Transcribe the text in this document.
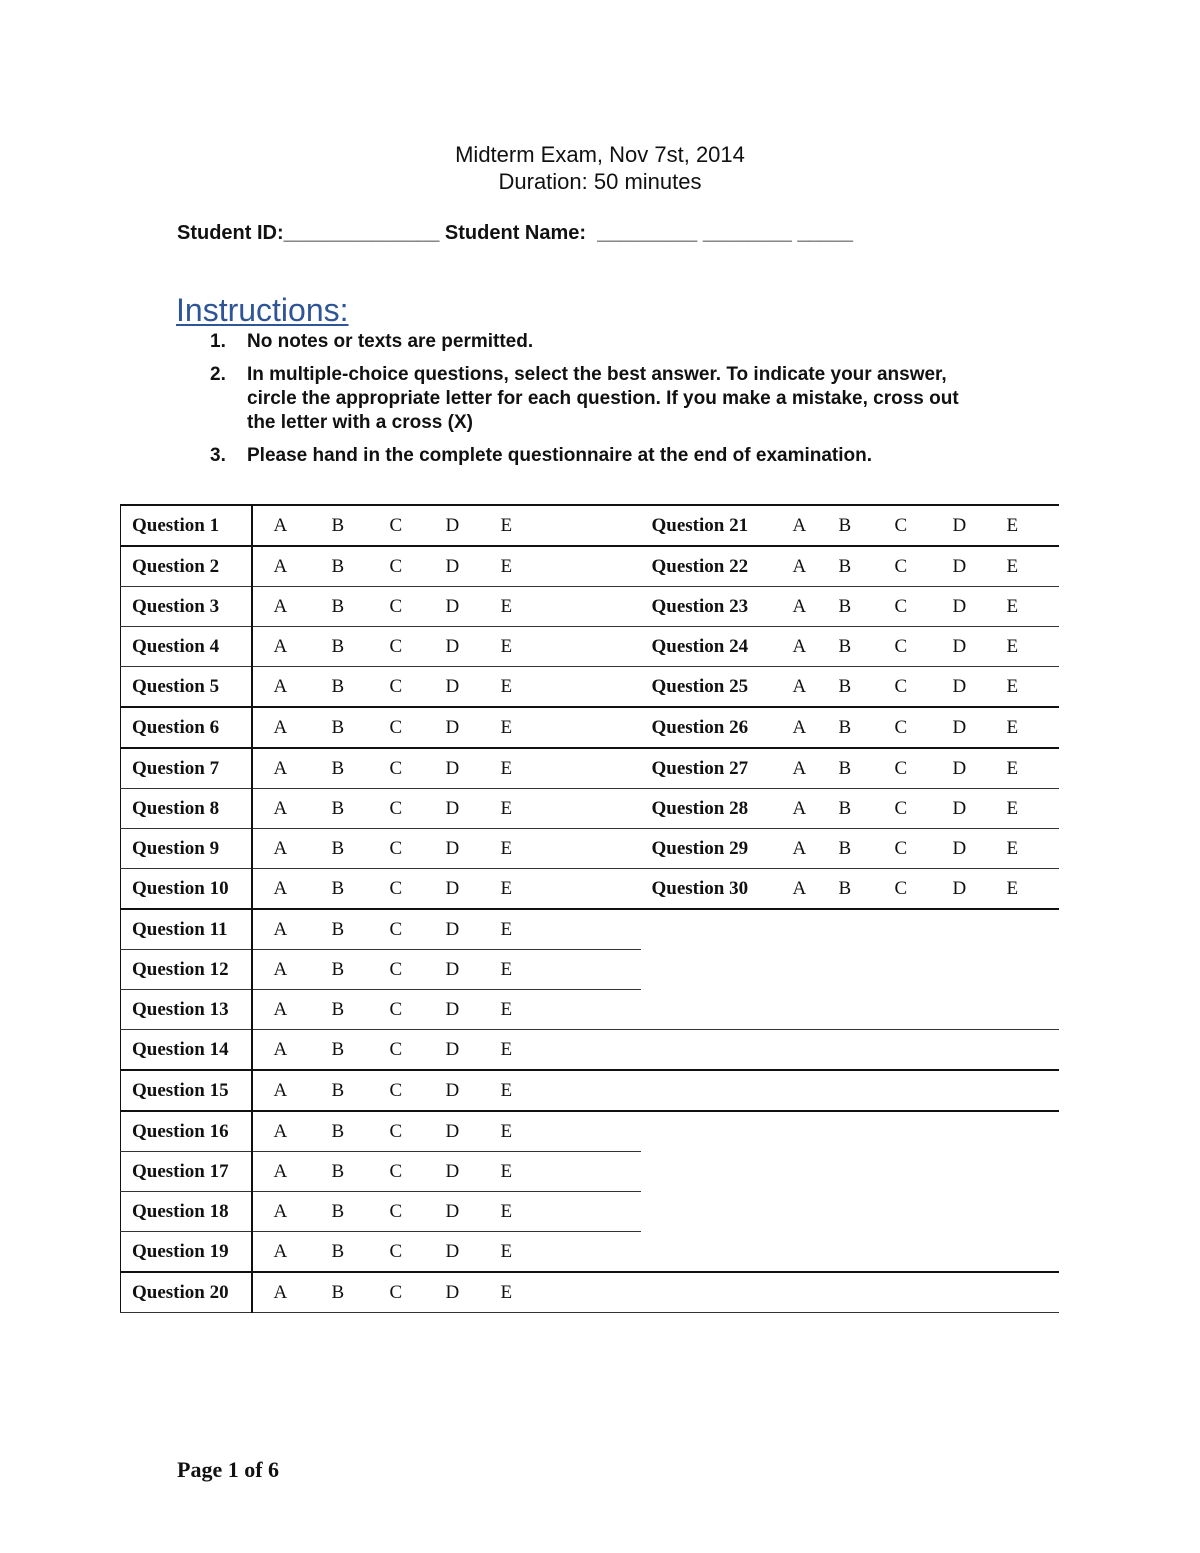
Midterm Exam, Nov 7st, 2014
Duration: 50 minutes
Student ID:______________ Student Name:  _________ ________ _____
Instructions:
1. No notes or texts are permitted.
2. In multiple-choice questions, select the best answer. To indicate your answer, circle the appropriate letter for each question. If you make a mistake, cross out the letter with a cross (X)
3. Please hand in the complete questionnaire at the end of examination.
Question 1	A	B	C	D	E	Question 21	A	B	C	D	E
Question 2	A	B	C	D	E	Question 22	A	B	C	D	E
Question 3	A	B	C	D	E	Question 23	A	B	C	D	E
Question 4	A	B	C	D	E	Question 24	A	B	C	D	E
Question 5	A	B	C	D	E	Question 25	A	B	C	D	E
Question 6	A	B	C	D	E	Question 26	A	B	C	D	E
Question 7	A	B	C	D	E	Question 27	A	B	C	D	E
Question 8	A	B	C	D	E	Question 28	A	B	C	D	E
Question 9	A	B	C	D	E	Question 29	A	B	C	D	E
Question 10	A	B	C	D	E	Question 30	A	B	C	D	E
Question 11	A	B	C	D	E						
Question 12	A	B	C	D	E						
Question 13	A	B	C	D	E						
Question 14	A	B	C	D	E						
Question 15	A	B	C	D	E						
Question 16	A	B	C	D	E						
Question 17	A	B	C	D	E						
Question 18	A	B	C	D	E						
Question 19	A	B	C	D	E						
Question 20	A	B	C	D	E						
Page 1 of 6
